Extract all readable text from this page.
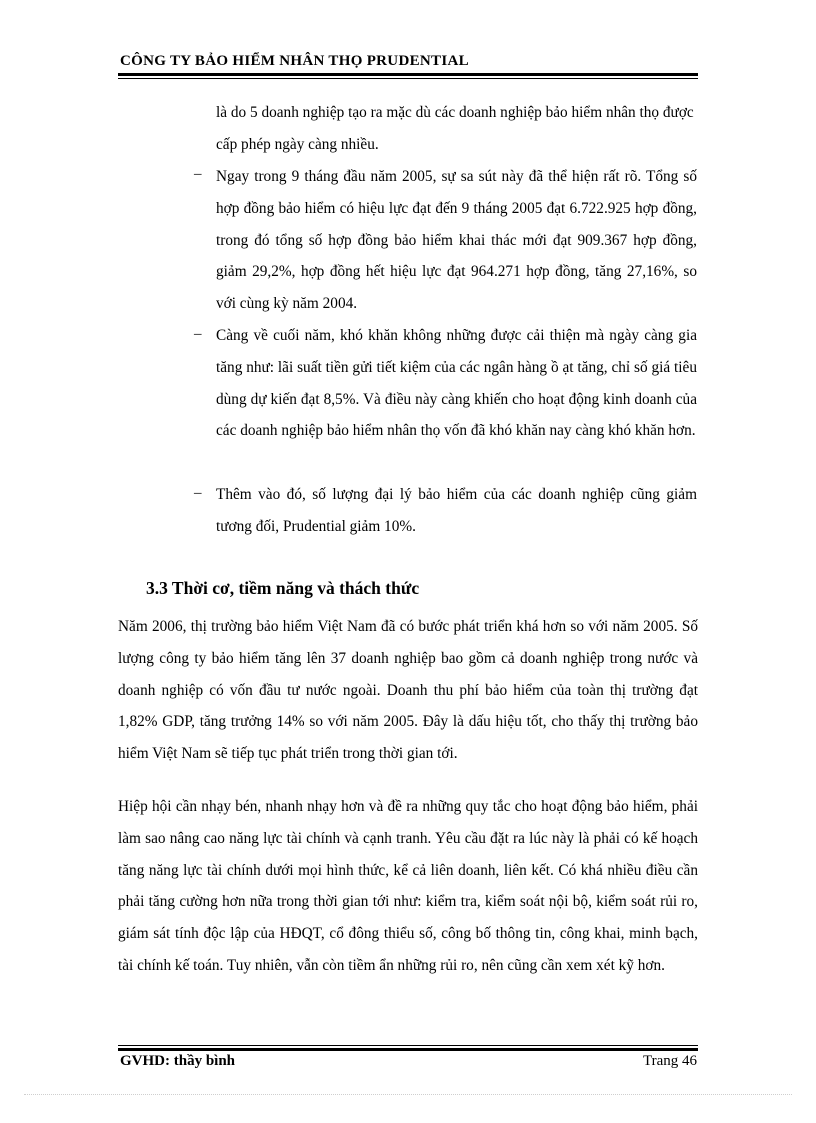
CÔNG TY BẢO HIỂM NHÂN THỌ PRUDENTIAL
là do 5 doanh nghiệp tạo ra mặc dù các doanh nghiệp bảo hiểm nhân thọ được cấp phép ngày càng nhiều.
– Ngay trong 9 tháng đầu năm 2005, sự sa sút này đã thể hiện rất rõ. Tổng số hợp đồng bảo hiểm có hiệu lực đạt đến 9 tháng 2005 đạt 6.722.925 hợp đồng, trong đó tổng số hợp đồng bảo hiểm khai thác mới đạt 909.367 hợp đồng, giảm 29,2%, hợp đồng hết hiệu lực đạt 964.271 hợp đồng, tăng 27,16%, so với cùng kỳ năm 2004.
– Càng về cuối năm, khó khăn không những được cải thiện mà ngày càng gia tăng như: lãi suất tiền gửi tiết kiệm của các ngân hàng ồ ạt tăng, chỉ số giá tiêu dùng dự kiến đạt 8,5%. Và điều này càng khiến cho hoạt động kinh doanh của các doanh nghiệp bảo hiểm nhân thọ vốn đã khó khăn nay càng khó khăn hơn.
– Thêm vào đó, số lượng đại lý bảo hiểm của các doanh nghiệp cũng giảm tương đối, Prudential giảm 10%.
3.3 Thời cơ, tiềm năng và thách thức
Năm 2006, thị trường bảo hiểm Việt Nam đã có bước phát triển khá hơn so với năm 2005. Số lượng công ty bảo hiểm tăng lên 37 doanh nghiệp bao gồm cả doanh nghiệp trong nước và doanh nghiệp có vốn đầu tư nước ngoài. Doanh thu phí bảo hiểm của toàn thị trường đạt 1,82% GDP, tăng trưởng 14% so với năm 2005. Đây là dấu hiệu tốt, cho thấy thị trường bảo hiểm Việt Nam sẽ tiếp tục phát triển trong thời gian tới.
Hiệp hội cần nhạy bén, nhanh nhạy hơn và đề ra những quy tắc cho hoạt động bảo hiểm, phải làm sao nâng cao năng lực tài chính và cạnh tranh. Yêu cầu đặt ra lúc này là phải có kế hoạch tăng năng lực tài chính dưới mọi hình thức, kể cả liên doanh, liên kết. Có khá nhiều điều cần phải tăng cường hơn nữa trong thời gian tới như: kiểm tra, kiểm soát nội bộ, kiểm soát rủi ro, giám sát tính độc lập của HĐQT, cổ đông thiểu số, công bố thông tin, công khai, minh bạch, tài chính kế toán. Tuy nhiên, vẫn còn tiềm ẩn những rủi ro, nên cũng cần xem xét kỹ hơn.
GVHD: thầy bình	Trang 46
